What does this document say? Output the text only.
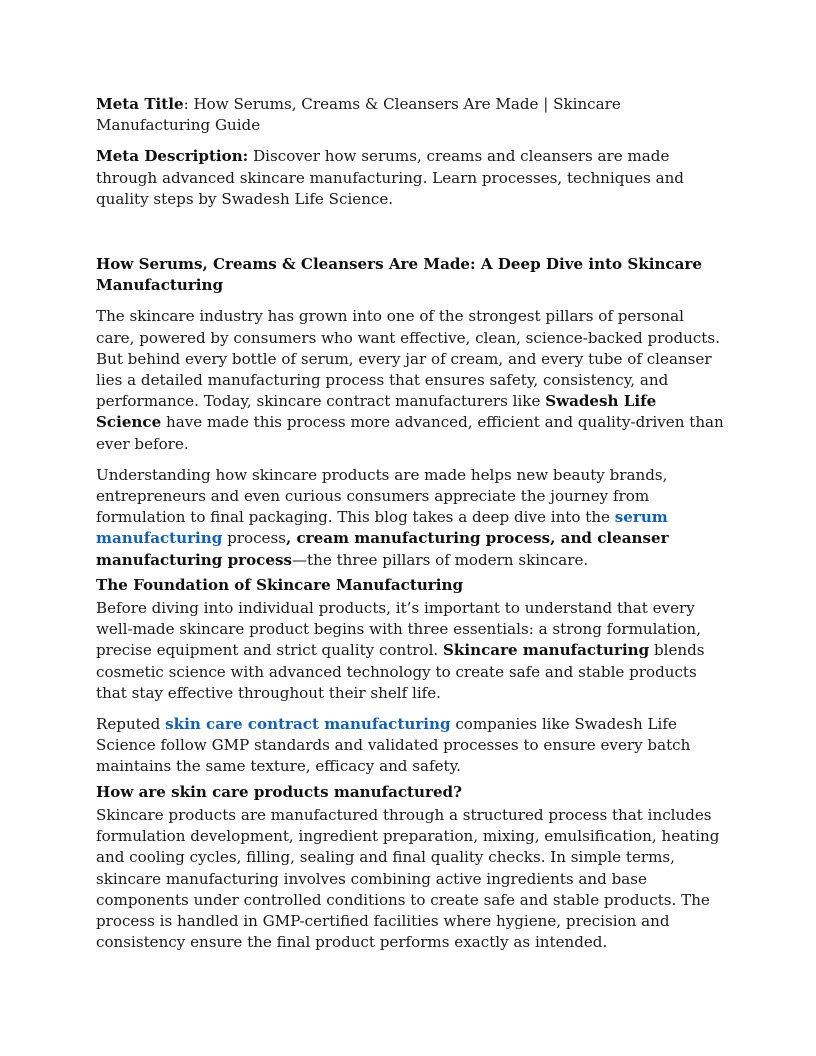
Meta Title: How Serums, Creams & Cleansers Are Made | Skincare Manufacturing Guide

Meta Description: Discover how serums, creams and cleansers are made through advanced skincare manufacturing. Learn processes, techniques and quality steps by Swadesh Life Science.

How Serums, Creams & Cleansers Are Made: A Deep Dive into Skincare Manufacturing

The skincare industry has grown into one of the strongest pillars of personal care, powered by consumers who want effective, clean, science-backed products. But behind every bottle of serum, every jar of cream, and every tube of cleanser lies a detailed manufacturing process that ensures safety, consistency, and performance. Today, skincare contract manufacturers like Swadesh Life Science have made this process more advanced, efficient and quality-driven than ever before.

Understanding how skincare products are made helps new beauty brands, entrepreneurs and even curious consumers appreciate the journey from formulation to final packaging. This blog takes a deep dive into the serum manufacturing process, cream manufacturing process, and cleanser manufacturing process—the three pillars of modern skincare.

The Foundation of Skincare Manufacturing

Before diving into individual products, it’s important to understand that every well-made skincare product begins with three essentials: a strong formulation, precise equipment and strict quality control. Skincare manufacturing blends cosmetic science with advanced technology to create safe and stable products that stay effective throughout their shelf life.

Reputed skin care contract manufacturing companies like Swadesh Life Science follow GMP standards and validated processes to ensure every batch maintains the same texture, efficacy and safety.

How are skin care products manufactured?

Skincare products are manufactured through a structured process that includes formulation development, ingredient preparation, mixing, emulsification, heating and cooling cycles, filling, sealing and final quality checks. In simple terms, skincare manufacturing involves combining active ingredients and base components under controlled conditions to create safe and stable products. The process is handled in GMP-certified facilities where hygiene, precision and consistency ensure the final product performs exactly as intended.
